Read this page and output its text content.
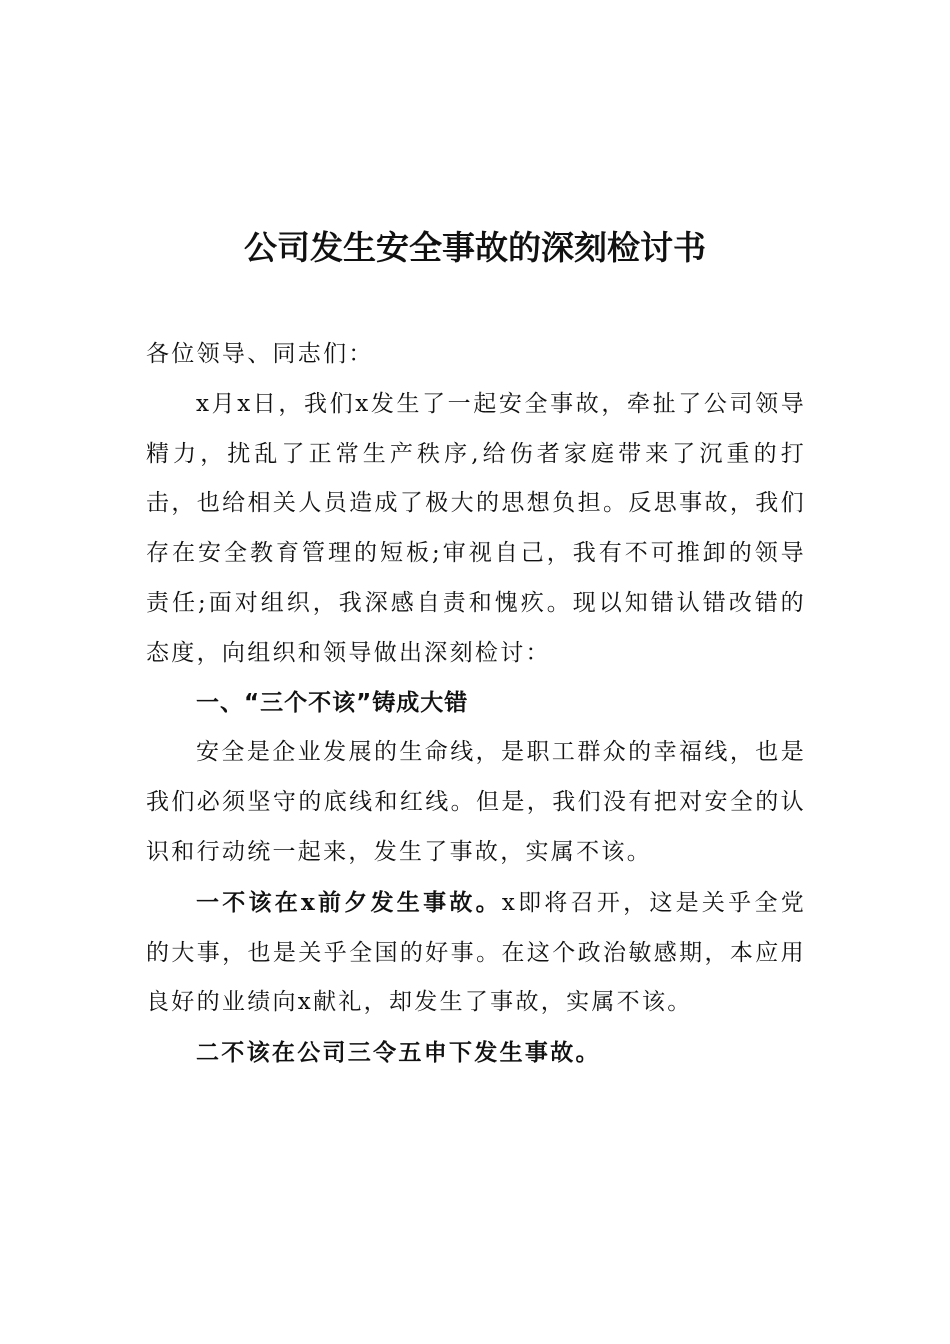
公司发生安全事故的深刻检讨书

各位领导、同志们：

x月x日，我们x发生了一起安全事故，牵扯了公司领导精力，扰乱了正常生产秩序,给伤者家庭带来了沉重的打击，也给相关人员造成了极大的思想负担。反思事故，我们存在安全教育管理的短板;审视自己，我有不可推卸的领导责任;面对组织，我深感自责和愧疚。现以知错认错改错的态度，向组织和领导做出深刻检讨：

一、“三个不该”铸成大错

安全是企业发展的生命线，是职工群众的幸福线，也是我们必须坚守的底线和红线。但是，我们没有把对安全的认识和行动统一起来，发生了事故，实属不该。

一不该在x前夕发生事故。x即将召开，这是关乎全党的大事，也是关乎全国的好事。在这个政治敏感期，本应用良好的业绩向x献礼，却发生了事故，实属不该。

二不该在公司三令五申下发生事故。
